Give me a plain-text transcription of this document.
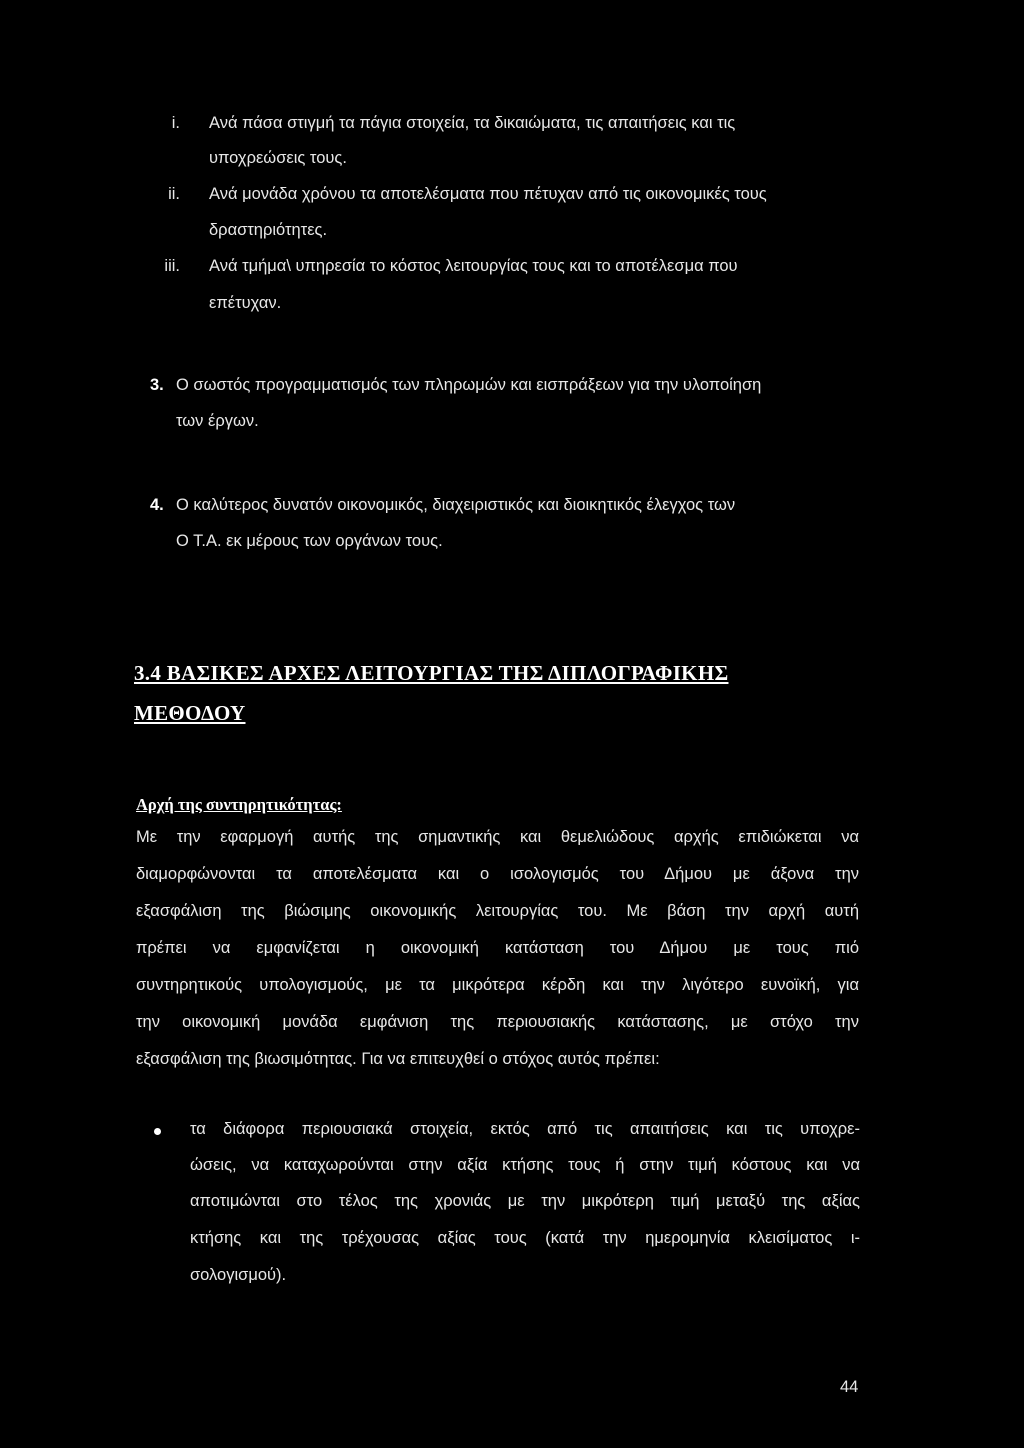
i. Ανά πάσα στιγμή τα πάγια στοιχεία, τα δικαιώματα, τις απαιτήσεις και τις
υποχρεώσεις τους.
ii. Ανά μονάδα χρόνου τα αποτελέσματα που πέτυχαν από τις οικονομικές τους
δραστηριότητες.
iii. Ανά τμήμα\ υπηρεσία το κόστος λειτουργίας τους και το αποτέλεσμα που
επέτυχαν.
3. Ο σωστός προγραμματισμός των πληρωμών και εισπράξεων για την υλοποίηση
των έργων.
4. Ο καλύτερος δυνατόν οικονομικός, διαχειριστικός και διοικητικός έλεγχος των
Ο Τ.Α. εκ μέρους των οργάνων τους.
3.4 ΒΑΣΙΚΕΣ ΑΡΧΕΣ ΛΕΙΤΟΥΡΓΙΑΣ ΤΗΣ ΔΙΠΛΟΓΡΑΦΙΚΗΣ
ΜΕΘΟΔΟΥ
Αρχή της συντηρητικότητας:
Με την εφαρμογή αυτής της σημαντικής και θεμελιώδους αρχής επιδιώκεται να
διαμορφώνονται τα αποτελέσματα και ο ισολογισμός του Δήμου με άξονα την
εξασφάλιση της βιώσιμης οικονομικής λειτουργίας του. Με βάση την αρχή αυτή
πρέπει να εμφανίζεται η οικονομική κατάσταση του Δήμου με τους πιό
συντηρητικούς υπολογισμούς, με τα μικρότερα κέρδη και την λιγότερο ευνοϊκή, για
την οικονομική μονάδα εμφάνιση της περιουσιακής κατάστασης, με στόχο την
εξασφάλιση της βιωσιμότητας. Για να επιτευχθεί ο στόχος αυτός πρέπει:
τα διάφορα περιουσιακά στοιχεία, εκτός από τις απαιτήσεις και τις υποχρε-
ώσεις, να καταχωρούνται στην αξία κτήσης τους ή στην τιμή κόστους και να
αποτιμώνται στο τέλος της χρονιάς με την μικρότερη τιμή μεταξύ της αξίας
κτήσης και της τρέχουσας αξίας τους (κατά την ημερομηνία κλεισίματος ι-
σολογισμού).
44
